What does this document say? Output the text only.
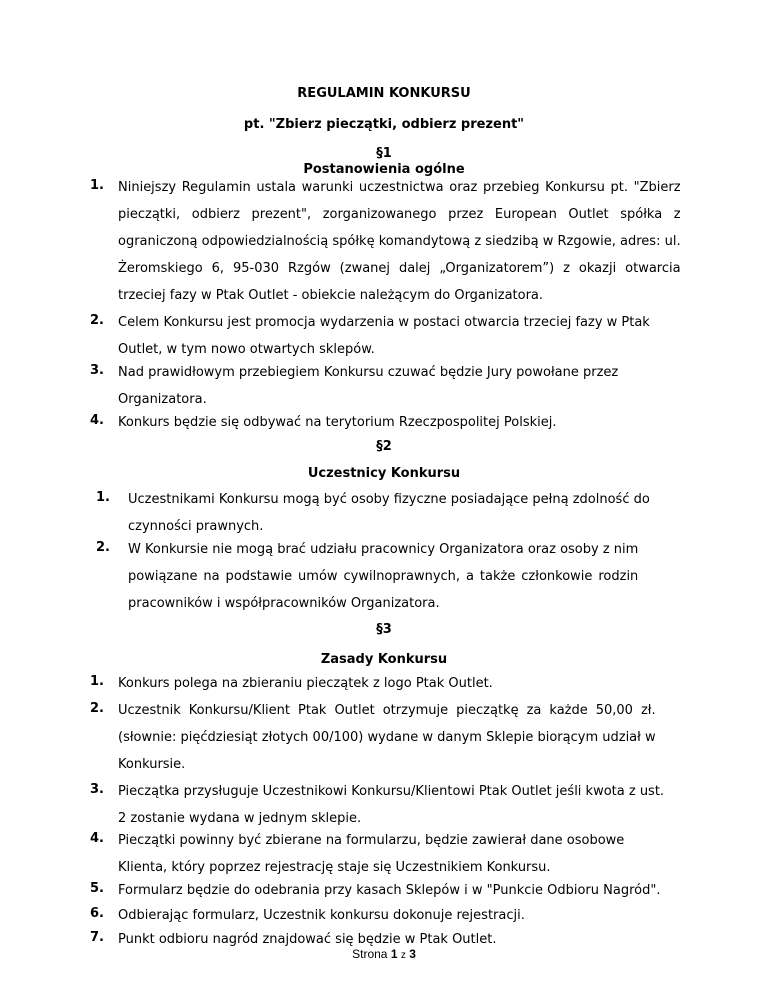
REGULAMIN KONKURSU
pt. "Zbierz pieczątki, odbierz prezent"
§1
Postanowienia ogólne
1. Niniejszy Regulamin ustala warunki uczestnictwa oraz przebieg Konkursu pt. "Zbierz
pieczątki, odbierz prezent", zorganizowanego przez European Outlet spółka z
ograniczoną odpowiedzialnością spółkę komandytową z siedzibą w Rzgowie, adres: ul.
Żeromskiego 6, 95-030 Rzgów (zwanej dalej „Organizatorem”) z okazji otwarcia
trzeciej fazy w Ptak Outlet - obiekcie należącym do Organizatora.
2. Celem Konkursu jest promocja wydarzenia w postaci otwarcia trzeciej fazy w Ptak
Outlet, w tym nowo otwartych sklepów.
3. Nad prawidłowym przebiegiem Konkursu czuwać będzie Jury powołane przez
Organizatora.
4. Konkurs będzie się odbywać na terytorium Rzeczpospolitej Polskiej.
§2
Uczestnicy Konkursu
1. Uczestnikami Konkursu mogą być osoby fizyczne posiadające pełną zdolność do
czynności prawnych.
2. W Konkursie nie mogą brać udziału pracownicy Organizatora oraz osoby z nim
powiązane na podstawie umów cywilnoprawnych, a także członkowie rodzin
pracowników i współpracowników Organizatora.
§3
Zasady Konkursu
1. Konkurs polega na zbieraniu pieczątek z logo Ptak Outlet.
2. Uczestnik Konkursu/Klient Ptak Outlet otrzymuje pieczątkę za każde 50,00 zł.
(słownie: pięćdziesiąt złotych 00/100) wydane w danym Sklepie biorącym udział w
Konkursie.
3. Pieczątka przysługuje Uczestnikowi Konkursu/Klientowi Ptak Outlet jeśli kwota z ust.
2 zostanie wydana w jednym sklepie.
4. Pieczątki powinny być zbierane na formularzu, będzie zawierał dane osobowe
Klienta, który poprzez rejestrację staje się Uczestnikiem Konkursu.
5. Formularz będzie do odebrania przy kasach Sklepów i w "Punkcie Odbioru Nagród".
6. Odbierając formularz, Uczestnik konkursu dokonuje rejestracji.
7. Punkt odbioru nagród znajdować się będzie w Ptak Outlet.
Strona 1 z 3
